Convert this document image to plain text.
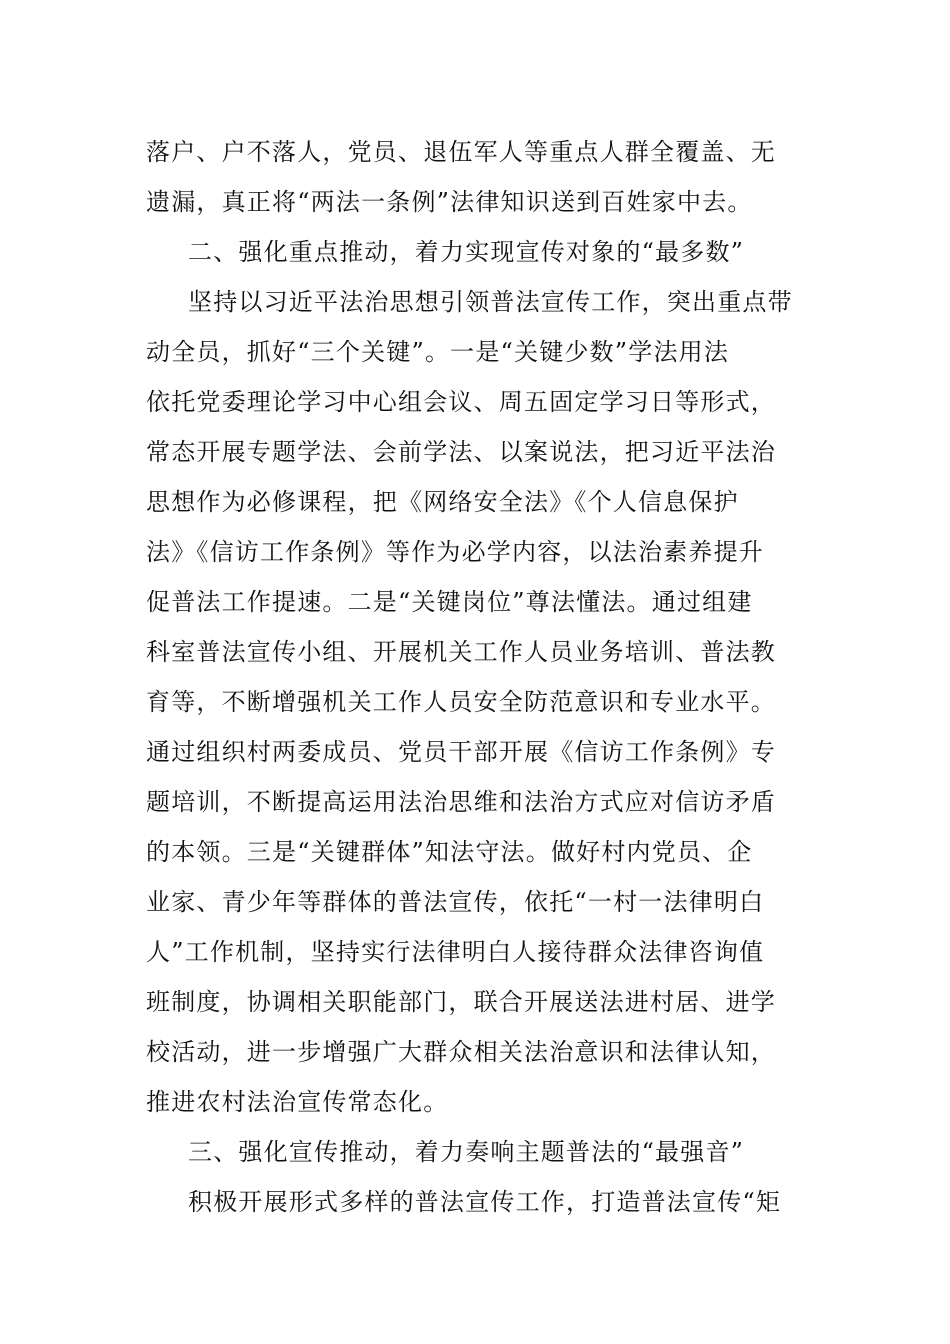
落户、户不落人，党员、退伍军人等重点人群全覆盖、无
遗漏，真正将“两法一条例”法律知识送到百姓家中去。
二、强化重点推动，着力实现宣传对象的“最多数”
坚持以习近平法治思想引领普法宣传工作，突出重点带
动全员，抓好“三个关键”。一是“关键少数”学法用法
依托党委理论学习中心组会议、周五固定学习日等形式，
常态开展专题学法、会前学法、以案说法，把习近平法治
思想作为必修课程，把《网络安全法》《个人信息保护
法》《信访工作条例》等作为必学内容，以法治素养提升
促普法工作提速。二是“关键岗位”尊法懂法。通过组建
科室普法宣传小组、开展机关工作人员业务培训、普法教
育等，不断增强机关工作人员安全防范意识和专业水平。
通过组织村两委成员、党员干部开展《信访工作条例》专
题培训，不断提高运用法治思维和法治方式应对信访矛盾
的本领。三是“关键群体”知法守法。做好村内党员、企
业家、青少年等群体的普法宣传，依托“一村一法律明白
人”工作机制，坚持实行法律明白人接待群众法律咨询值
班制度，协调相关职能部门，联合开展送法进村居、进学
校活动，进一步增强广大群众相关法治意识和法律认知，
推进农村法治宣传常态化。
三、强化宣传推动，着力奏响主题普法的“最强音”
积极开展形式多样的普法宣传工作，打造普法宣传“矩
